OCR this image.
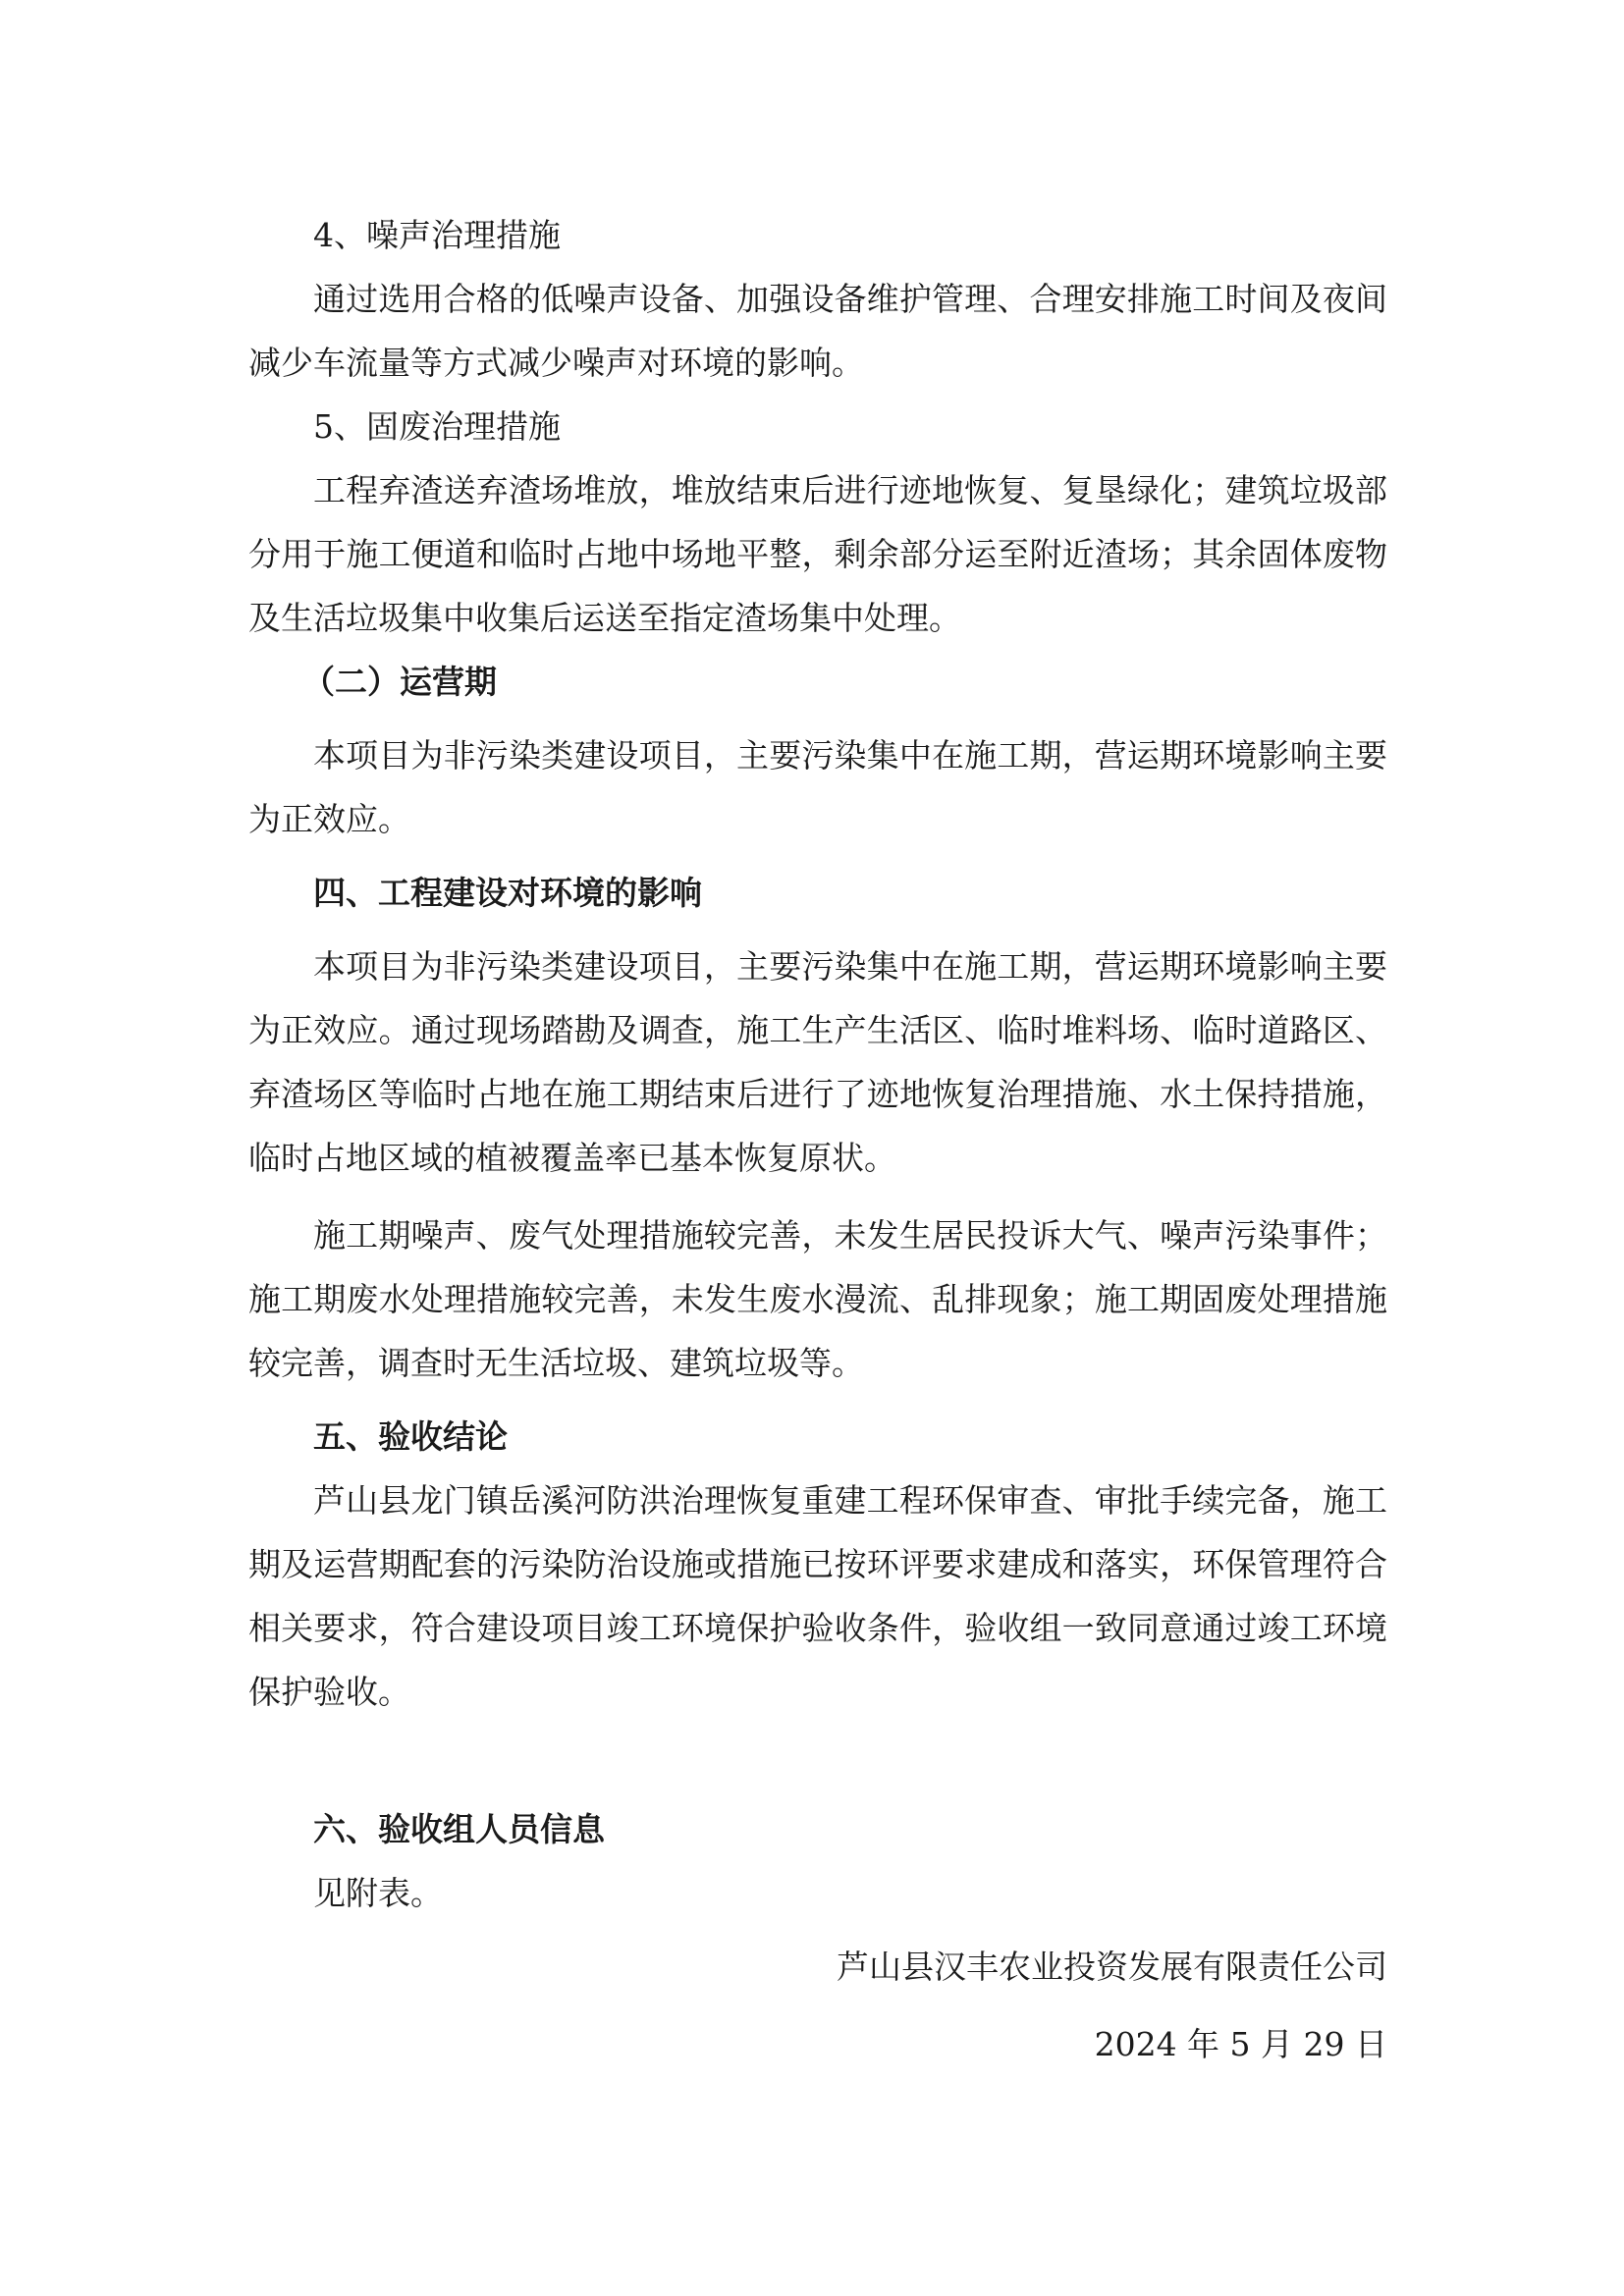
4、噪声治理措施

通过选用合格的低噪声设备、加强设备维护管理、合理安排施工时间及夜间

减少车流量等方式减少噪声对环境的影响。

5、固废治理措施

工程弃渣送弃渣场堆放，堆放结束后进行迹地恢复、复垦绿化；建筑垃圾部

分用于施工便道和临时占地中场地平整，剩余部分运至附近渣场；其余固体废物

及生活垃圾集中收集后运送至指定渣场集中处理。

（二）运营期

本项目为非污染类建设项目，主要污染集中在施工期，营运期环境影响主要

为正效应。

四、工程建设对环境的影响

本项目为非污染类建设项目，主要污染集中在施工期，营运期环境影响主要

为正效应。通过现场踏勘及调查，施工生产生活区、临时堆料场、临时道路区、

弃渣场区等临时占地在施工期结束后进行了迹地恢复治理措施、水土保持措施，

临时占地区域的植被覆盖率已基本恢复原状。

施工期噪声、废气处理措施较完善，未发生居民投诉大气、噪声污染事件；

施工期废水处理措施较完善，未发生废水漫流、乱排现象；施工期固废处理措施

较完善，调查时无生活垃圾、建筑垃圾等。

五、验收结论

芦山县龙门镇岳溪河防洪治理恢复重建工程环保审查、审批手续完备，施工

期及运营期配套的污染防治设施或措施已按环评要求建成和落实，环保管理符合

相关要求，符合建设项目竣工环境保护验收条件，验收组一致同意通过竣工环境

保护验收。

六、验收组人员信息

见附表。

芦山县汉丰农业投资发展有限责任公司

2024 年 5 月 29 日
